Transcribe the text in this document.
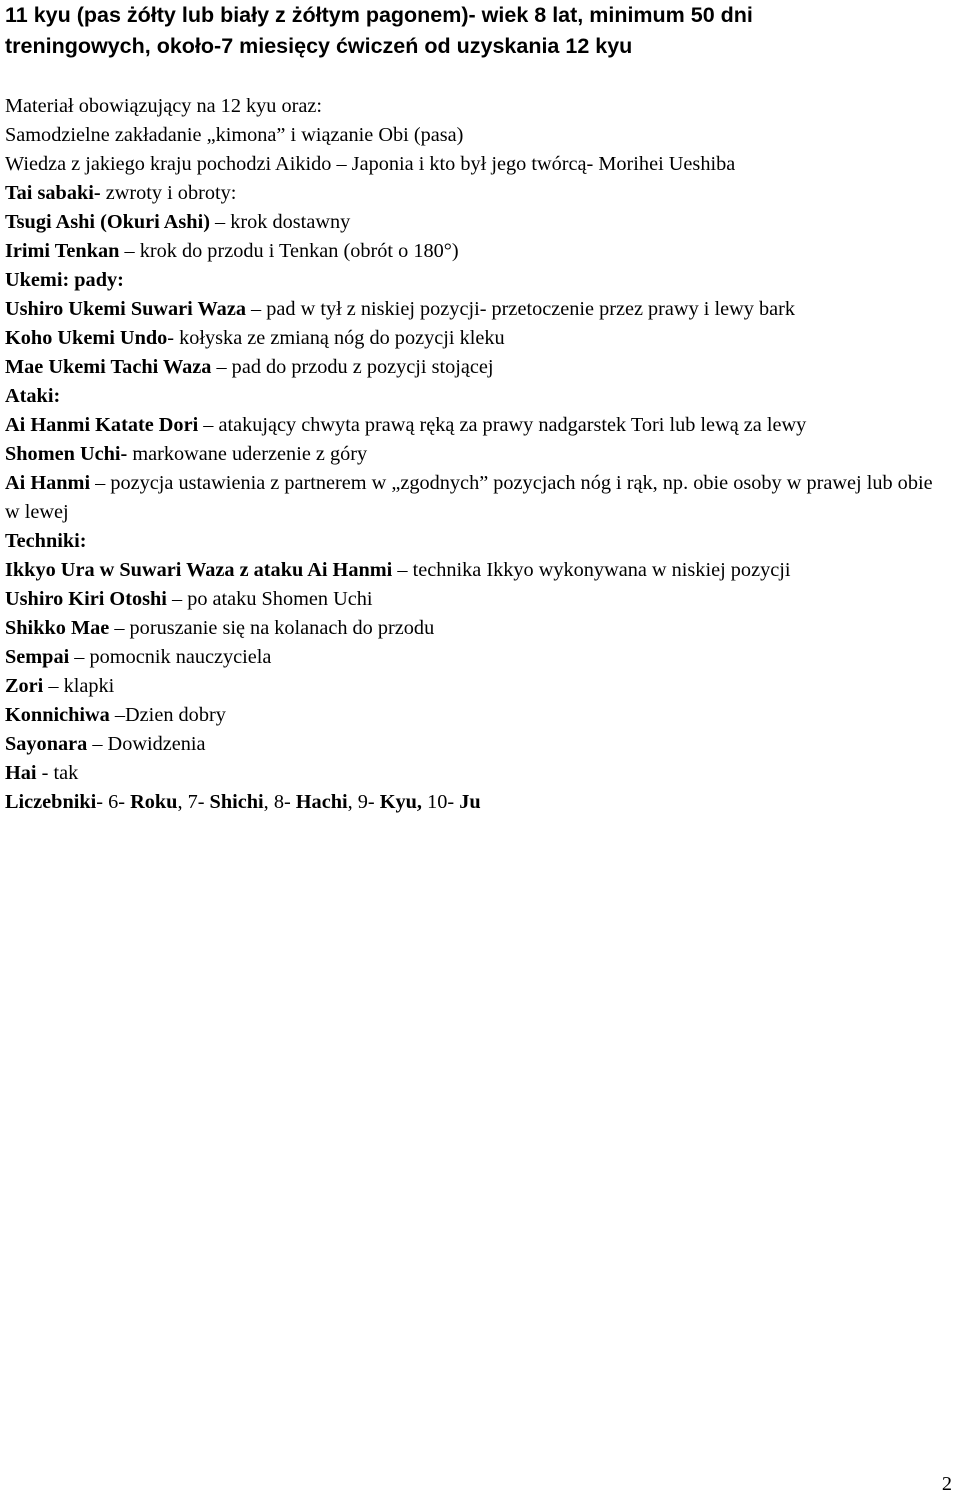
11 kyu (pas żółty lub biały z żółtym pagonem)- wiek 8 lat, minimum 50 dni
treningowych, około-7 miesięcy ćwiczeń od uzyskania 12 kyu
Materiał obowiązujący na 12 kyu oraz:
Samodzielne zakładanie „kimona” i wiązanie Obi (pasa)
Wiedza z jakiego kraju pochodzi Aikido – Japonia i kto był jego twórcą- Morihei Ueshiba
Tai sabaki- zwroty i obroty:
Tsugi Ashi (Okuri Ashi) – krok dostawny
Irimi Tenkan – krok do przodu i Tenkan (obrót o 180°)
Ukemi: pady:
Ushiro Ukemi Suwari Waza – pad w tył z niskiej pozycji- przetoczenie przez prawy i lewy bark
Koho Ukemi Undo- kołyska ze zmianą nóg do pozycji kleku
Mae Ukemi Tachi Waza – pad do przodu z pozycji stojącej
Ataki:
Ai Hanmi Katate Dori – atakujący chwyta prawą ręką za prawy nadgarstek Tori lub lewą za lewy
Shomen Uchi- markowane uderzenie z góry
Ai Hanmi – pozycja ustawienia z partnerem w „zgodnych” pozycjach nóg i rąk, np. obie osoby w prawej lub obie w lewej
Techniki:
Ikkyo Ura w Suwari Waza z ataku Ai Hanmi – technika Ikkyo wykonywana w niskiej pozycji
Ushiro Kiri Otoshi – po ataku Shomen Uchi
Shikko Mae – poruszanie się na kolanach do przodu
Sempai – pomocnik nauczyciela
Zori – klapki
Konnichiwa –Dzien dobry
Sayonara – Dowidzenia
Hai - tak
Liczebniki- 6- Roku, 7- Shichi, 8- Hachi, 9- Kyu, 10- Ju
2
